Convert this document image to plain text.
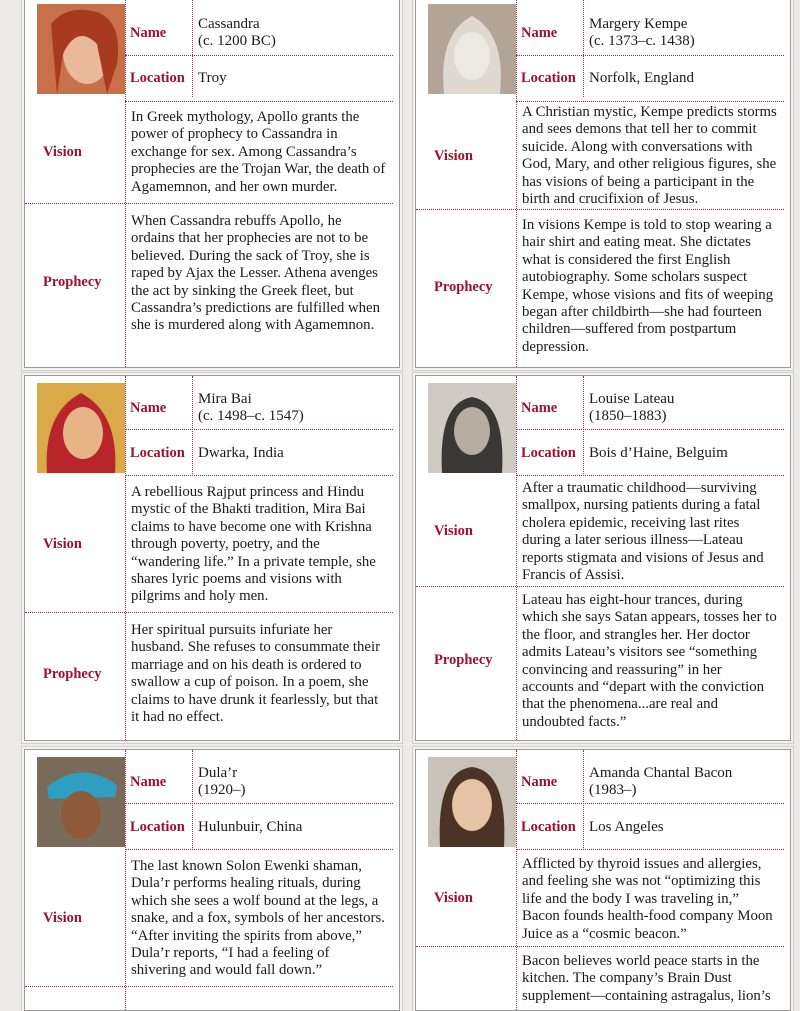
Name
Cassandra
(c. 1200 BC)
Location Troy
Vision
In Greek mythology, Apollo grants the power of prophecy to Cassandra in exchange for sex. Among Cassandra’s prophecies are the Trojan War, the death of Agamemnon, and her own murder.
Prophecy
When Cassandra rebuffs Apollo, he ordains that her prophecies are not to be believed. During the sack of Troy, she is raped by Ajax the Lesser. Athena avenges the act by sinking the Greek fleet, but Cassandra’s predictions are fulfilled when she is murdered along with Agamemnon.
Name
Margery Kempe
(c. 1373–c. 1438)
Location Norfolk, England
Vision
A Christian mystic, Kempe predicts storms and sees demons that tell her to commit suicide. Along with conversations with God, Mary, and other religious figures, she has visions of being a participant in the birth and crucifixion of Jesus.
Prophecy
In visions Kempe is told to stop wearing a hair shirt and eating meat. She dictates what is considered the first English autobiography. Some scholars suspect Kempe, whose visions and fits of weeping began after childbirth—she had fourteen children—suffered from postpartum depression.
Name
Mira Bai
(c. 1498–c. 1547)
Location Dwarka, India
Vision
A rebellious Rajput princess and Hindu mystic of the Bhakti tradition, Mira Bai claims to have become one with Krishna through poverty, poetry, and the “wandering life.” In a private temple, she shares lyric poems and visions with pilgrims and holy men.
Prophecy
Her spiritual pursuits infuriate her husband. She refuses to consummate their marriage and on his death is ordered to swallow a cup of poison. In a poem, she claims to have drunk it fearlessly, but that it had no effect.
Name
Louise Lateau
(1850–1883)
Location Bois d’Haine, Belguim
Vision
After a traumatic childhood—surviving smallpox, nursing patients during a fatal cholera epidemic, receiving last rites during a later serious illness—Lateau reports stigmata and visions of Jesus and Francis of Assisi.
Prophecy
Lateau has eight-hour trances, during which she says Satan appears, tosses her to the floor, and strangles her. Her doctor admits Lateau’s visitors see “something convincing and reassuring” in her accounts and “depart with the conviction that the phenomena...are real and undoubted facts.”
Name
Dula’r
(1920–)
Location Hulunbuir, China
Vision
The last known Solon Ewenki shaman, Dula’r performs healing rituals, during which she sees a wolf bound at the legs, a snake, and a fox, symbols of her ancestors. “After inviting the spirits from above,” Dula’r reports, “I had a feeling of shivering and would fall down.”
Name
Amanda Chantal Bacon
(1983–)
Location Los Angeles
Vision
Afflicted by thyroid issues and allergies, and feeling she was not “optimizing this life and the body I was traveling in,” Bacon founds health-food company Moon Juice as a “cosmic beacon.”
Bacon believes world peace starts in the kitchen. The company’s Brain Dust supplement—containing astragalus, lion’s
